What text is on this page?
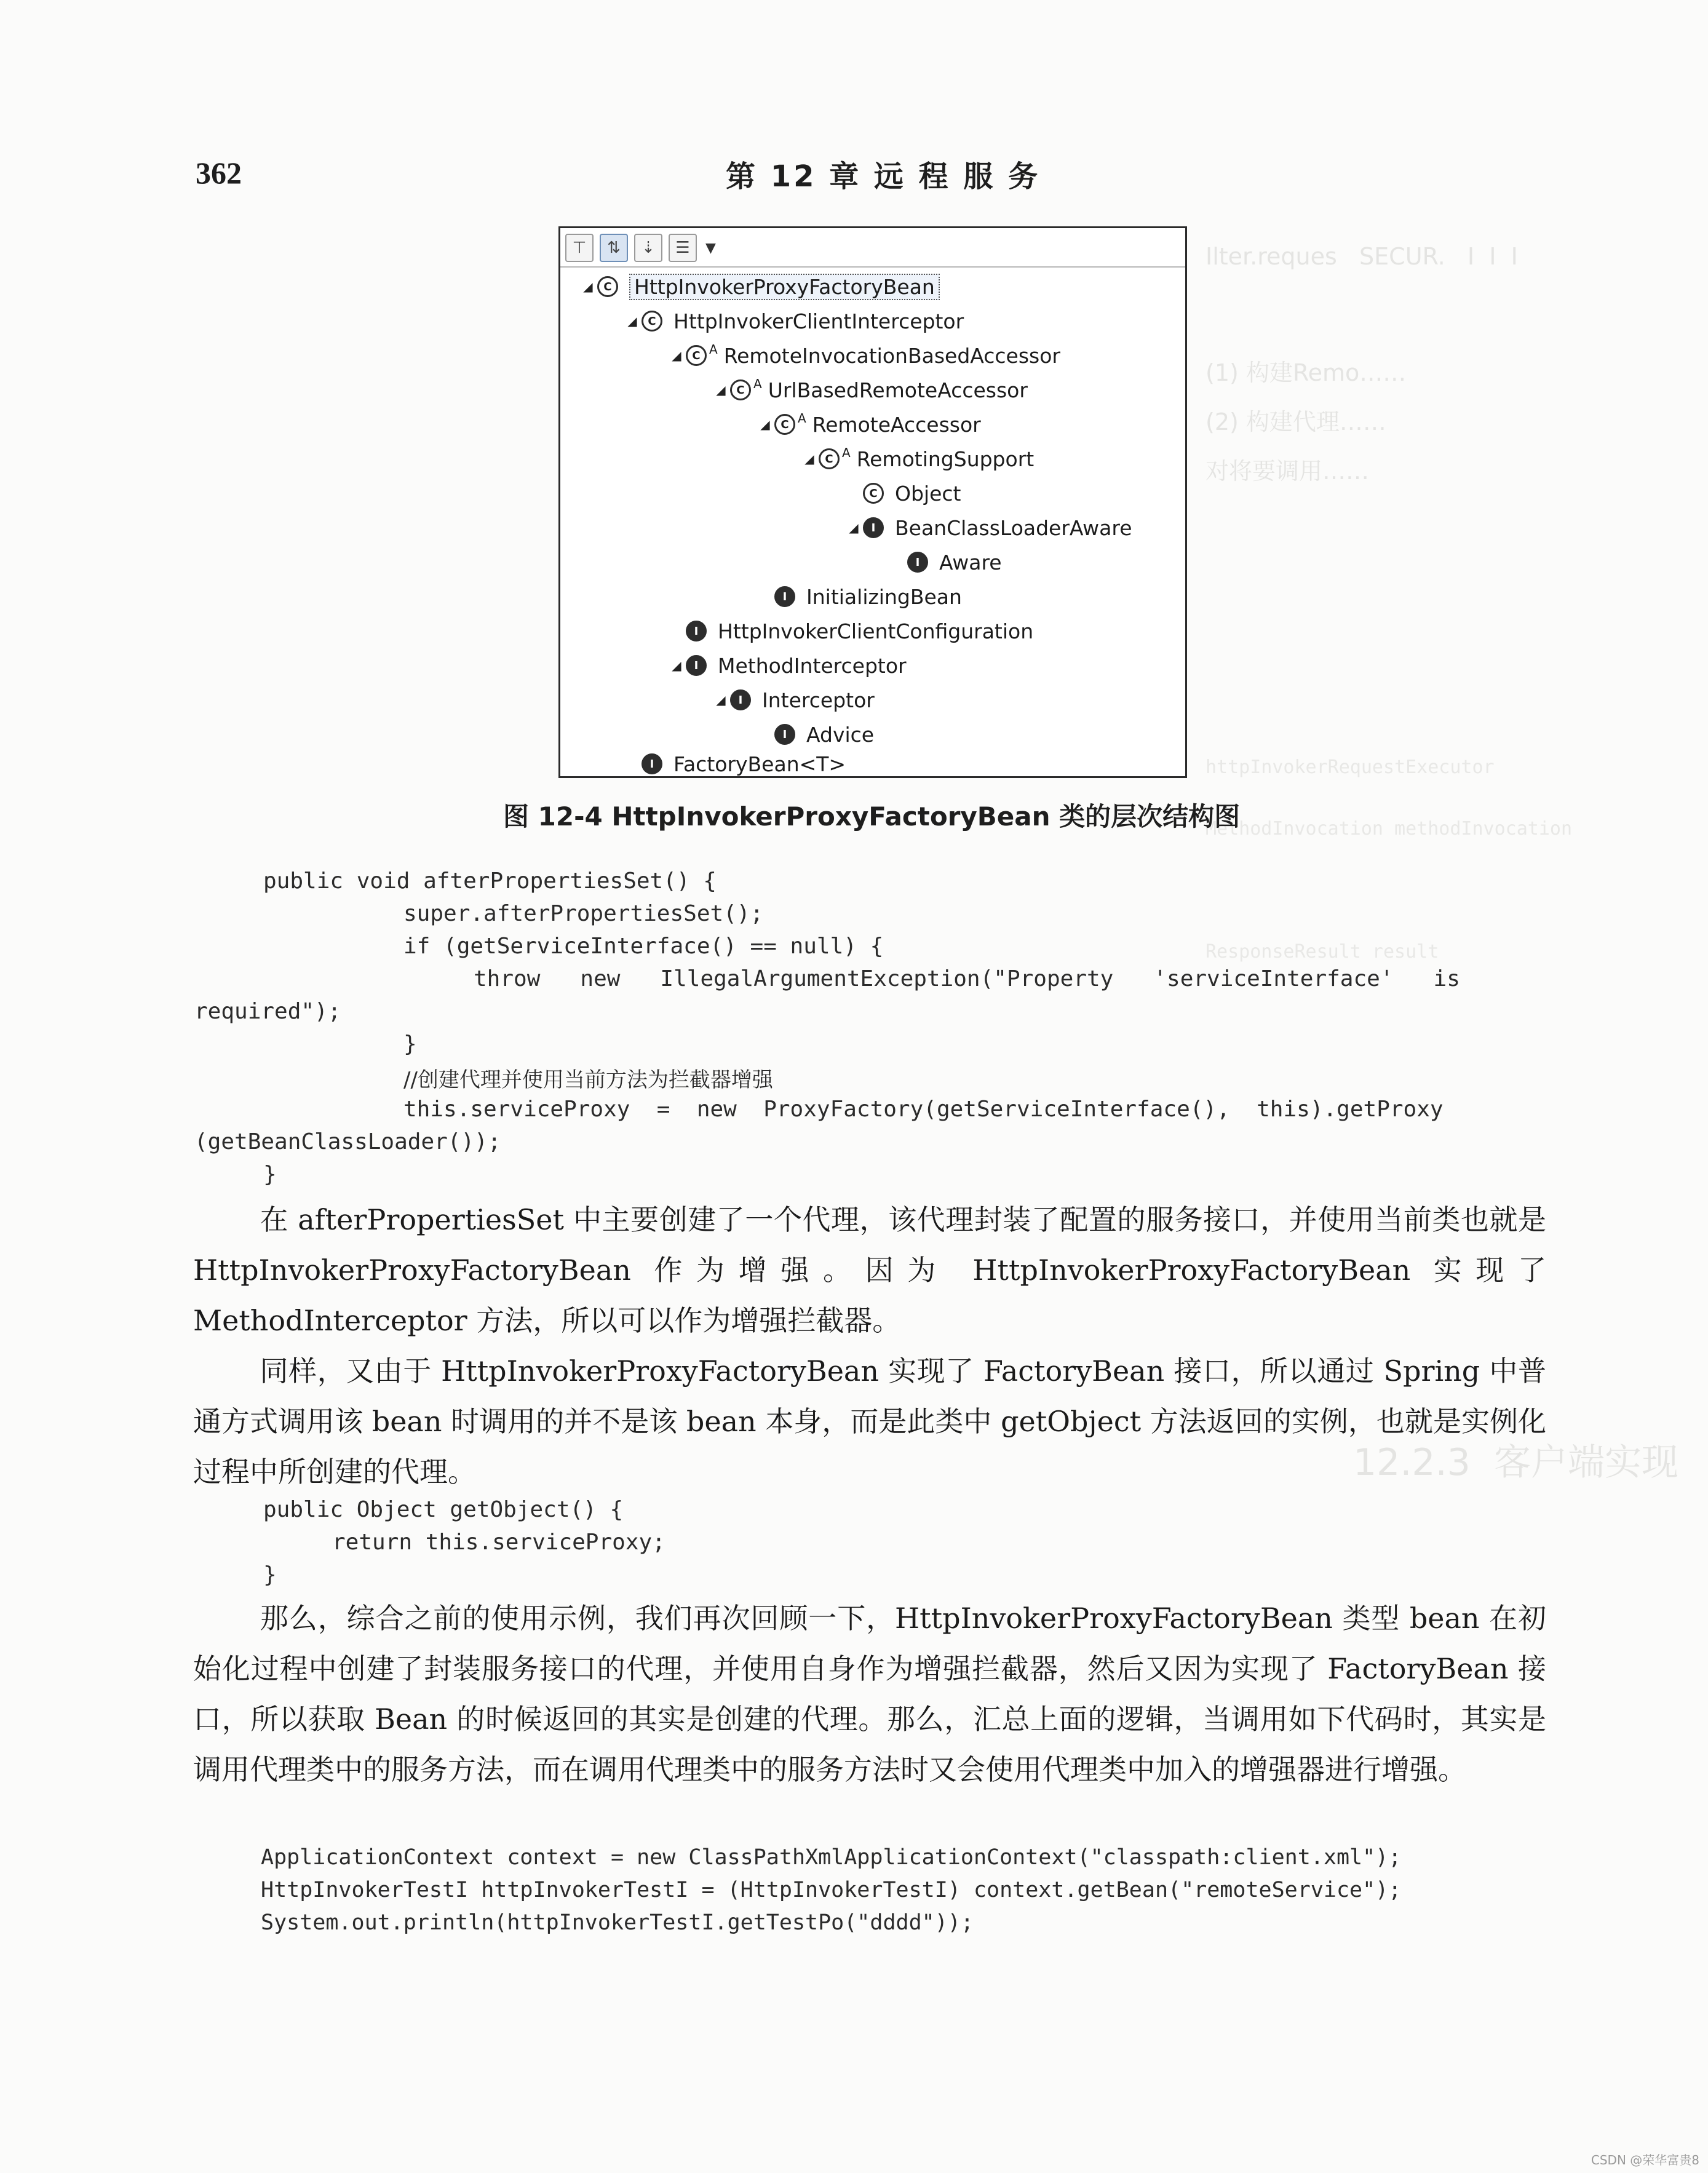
Ilter.reques   SECUR.   I  I  I
(1) 构建Remo……
(2) 构建代理……
对将要调用……
httpInvokerRequestExecutor
MethodInvocation methodInvocation
ResponseResult result
12.2.3  客户端实现
362	第 12 章 远 程 服 务
⊤	⇅	⇣	☰	▼
◢ C	HttpInvokerProxyFactoryBean
◢ C HttpInvokerClientInterceptor
◢ C A RemoteInvocationBasedAccessor
◢ C A UrlBasedRemoteAccessor
◢ C A RemoteAccessor
◢ C A RemotingSupport
C Object
◢	I BeanClassLoaderAware
I Aware
I InitializingBean
I HttpInvokerClientConfiguration
◢	I MethodInterceptor
◢	I Interceptor
I Advice
I FactoryBean<T>
图 12-4 HttpInvokerProxyFactoryBean 类的层次结构图
public void afterPropertiesSet() {
super.afterPropertiesSet();
if (getServiceInterface() == null) {
throw   new   IllegalArgumentException("Property   'serviceInterface'   is
required");
}
//创建代理并使用当前方法为拦截器增强
this.serviceProxy  =  new  ProxyFactory(getServiceInterface(),  this).getProxy
(getBeanClassLoader());
}
在 afterPropertiesSet 中主要创建了一个代理，该代理封装了配置的服务接口，并使用当前类也就是 HttpInvokerProxyFactoryBean 作为增强。因为 HttpInvokerProxyFactoryBean 实现了 MethodInterceptor 方法，所以可以作为增强拦截器。
同样，又由于 HttpInvokerProxyFactoryBean 实现了 FactoryBean 接口，所以通过 Spring 中普通方式调用该 bean 时调用的并不是该 bean 本身，而是此类中 getObject 方法返回的实例，也就是实例化过程中所创建的代理。
public Object getObject() {
return this.serviceProxy;
}
那么，综合之前的使用示例，我们再次回顾一下，HttpInvokerProxyFactoryBean 类型 bean 在初始化过程中创建了封装服务接口的代理，并使用自身作为增强拦截器，然后又因为实现了 FactoryBean 接口，所以获取 Bean 的时候返回的其实是创建的代理。那么，汇总上面的逻辑，当调用如下代码时，其实是调用代理类中的服务方法，而在调用代理类中的服务方法时又会使用代理类中加入的增强器进行增强。
ApplicationContext context = new ClassPathXmlApplicationContext("classpath:client.xml");
HttpInvokerTestI httpInvokerTestI = (HttpInvokerTestI) context.getBean("remoteService");
System.out.println(httpInvokerTestI.getTestPo("dddd"));
CSDN @荣华富贵8
